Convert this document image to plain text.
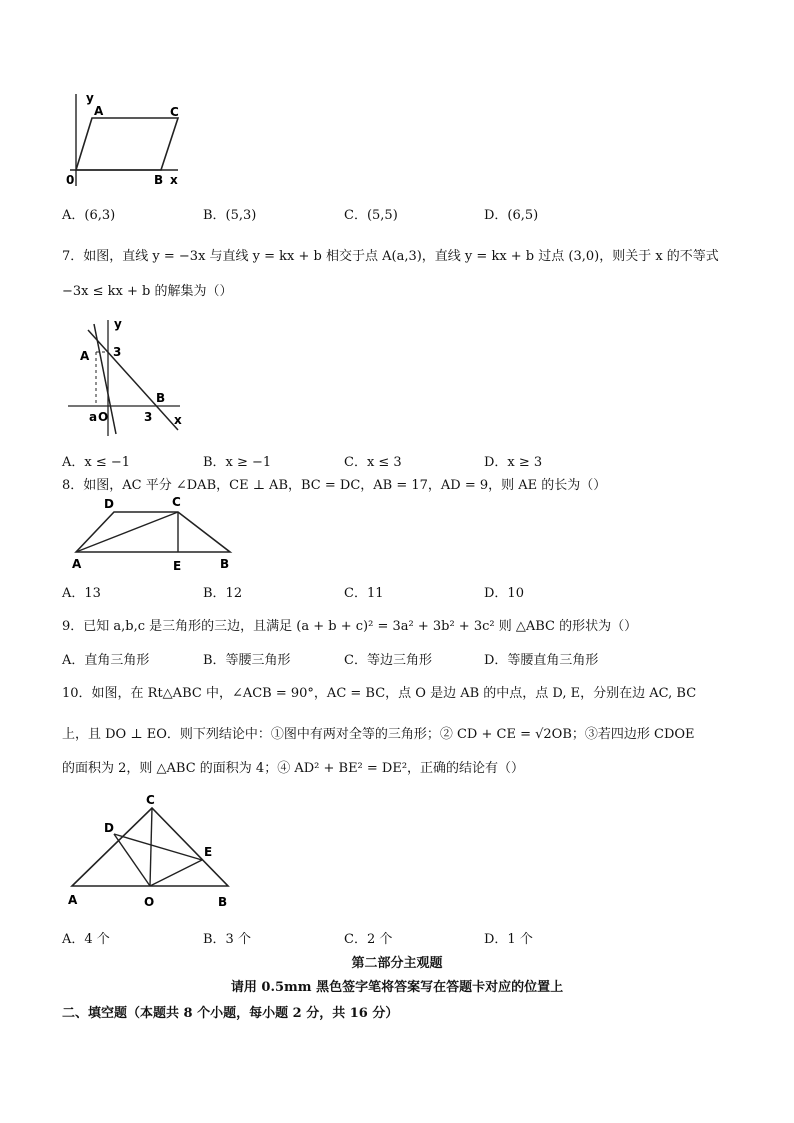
y
A	C
0	B x
A．(6,3)	B．(5,3)	C．(5,5)	D．(6,5)
7．如图，直线 y = −3x 与直线 y = kx + b 相交于点 A(a,3)，直线 y = kx + b 过点 (3,0)，则关于 x 的不等式
−3x ≤ kx + b 的解集为（）
y
3
A
B
a O	3 x
A．x ≤ −1	B．x ≥ −1	C．x ≤ 3	D．x ≥ 3
8．如图，AC 平分 ∠DAB，CE ⊥ AB，BC = DC，AB = 17，AD = 9，则 AE 的长为（）
D	C
A	E	B
A．13	B．12	C．11	D．10
9．已知 a,b,c 是三角形的三边，且满足 (a + b + c)² = 3a² + 3b² + 3c² 则 △ABC 的形状为（）
A．直角三角形	B．等腰三角形	C．等边三角形	D．等腰直角三角形
10．如图，在 Rt△ABC 中，∠ACB = 90°，AC = BC，点 O 是边 AB 的中点，点 D, E，分别在边 AC, BC
上，且 DO ⊥ EO．则下列结论中：①图中有两对全等的三角形；② CD + CE = √2OB；③若四边形 CDOE
的面积为 2，则 △ABC 的面积为 4；④ AD² + BE² = DE²，正确的结论有（）
C
D
E
A	O	B
A．4 个	B．3 个	C．2 个	D．1 个
第二部分主观题
请用 0.5mm 黑色签字笔将答案写在答题卡对应的位置上
二、填空题（本题共 8 个小题，每小题 2 分，共 16 分）
